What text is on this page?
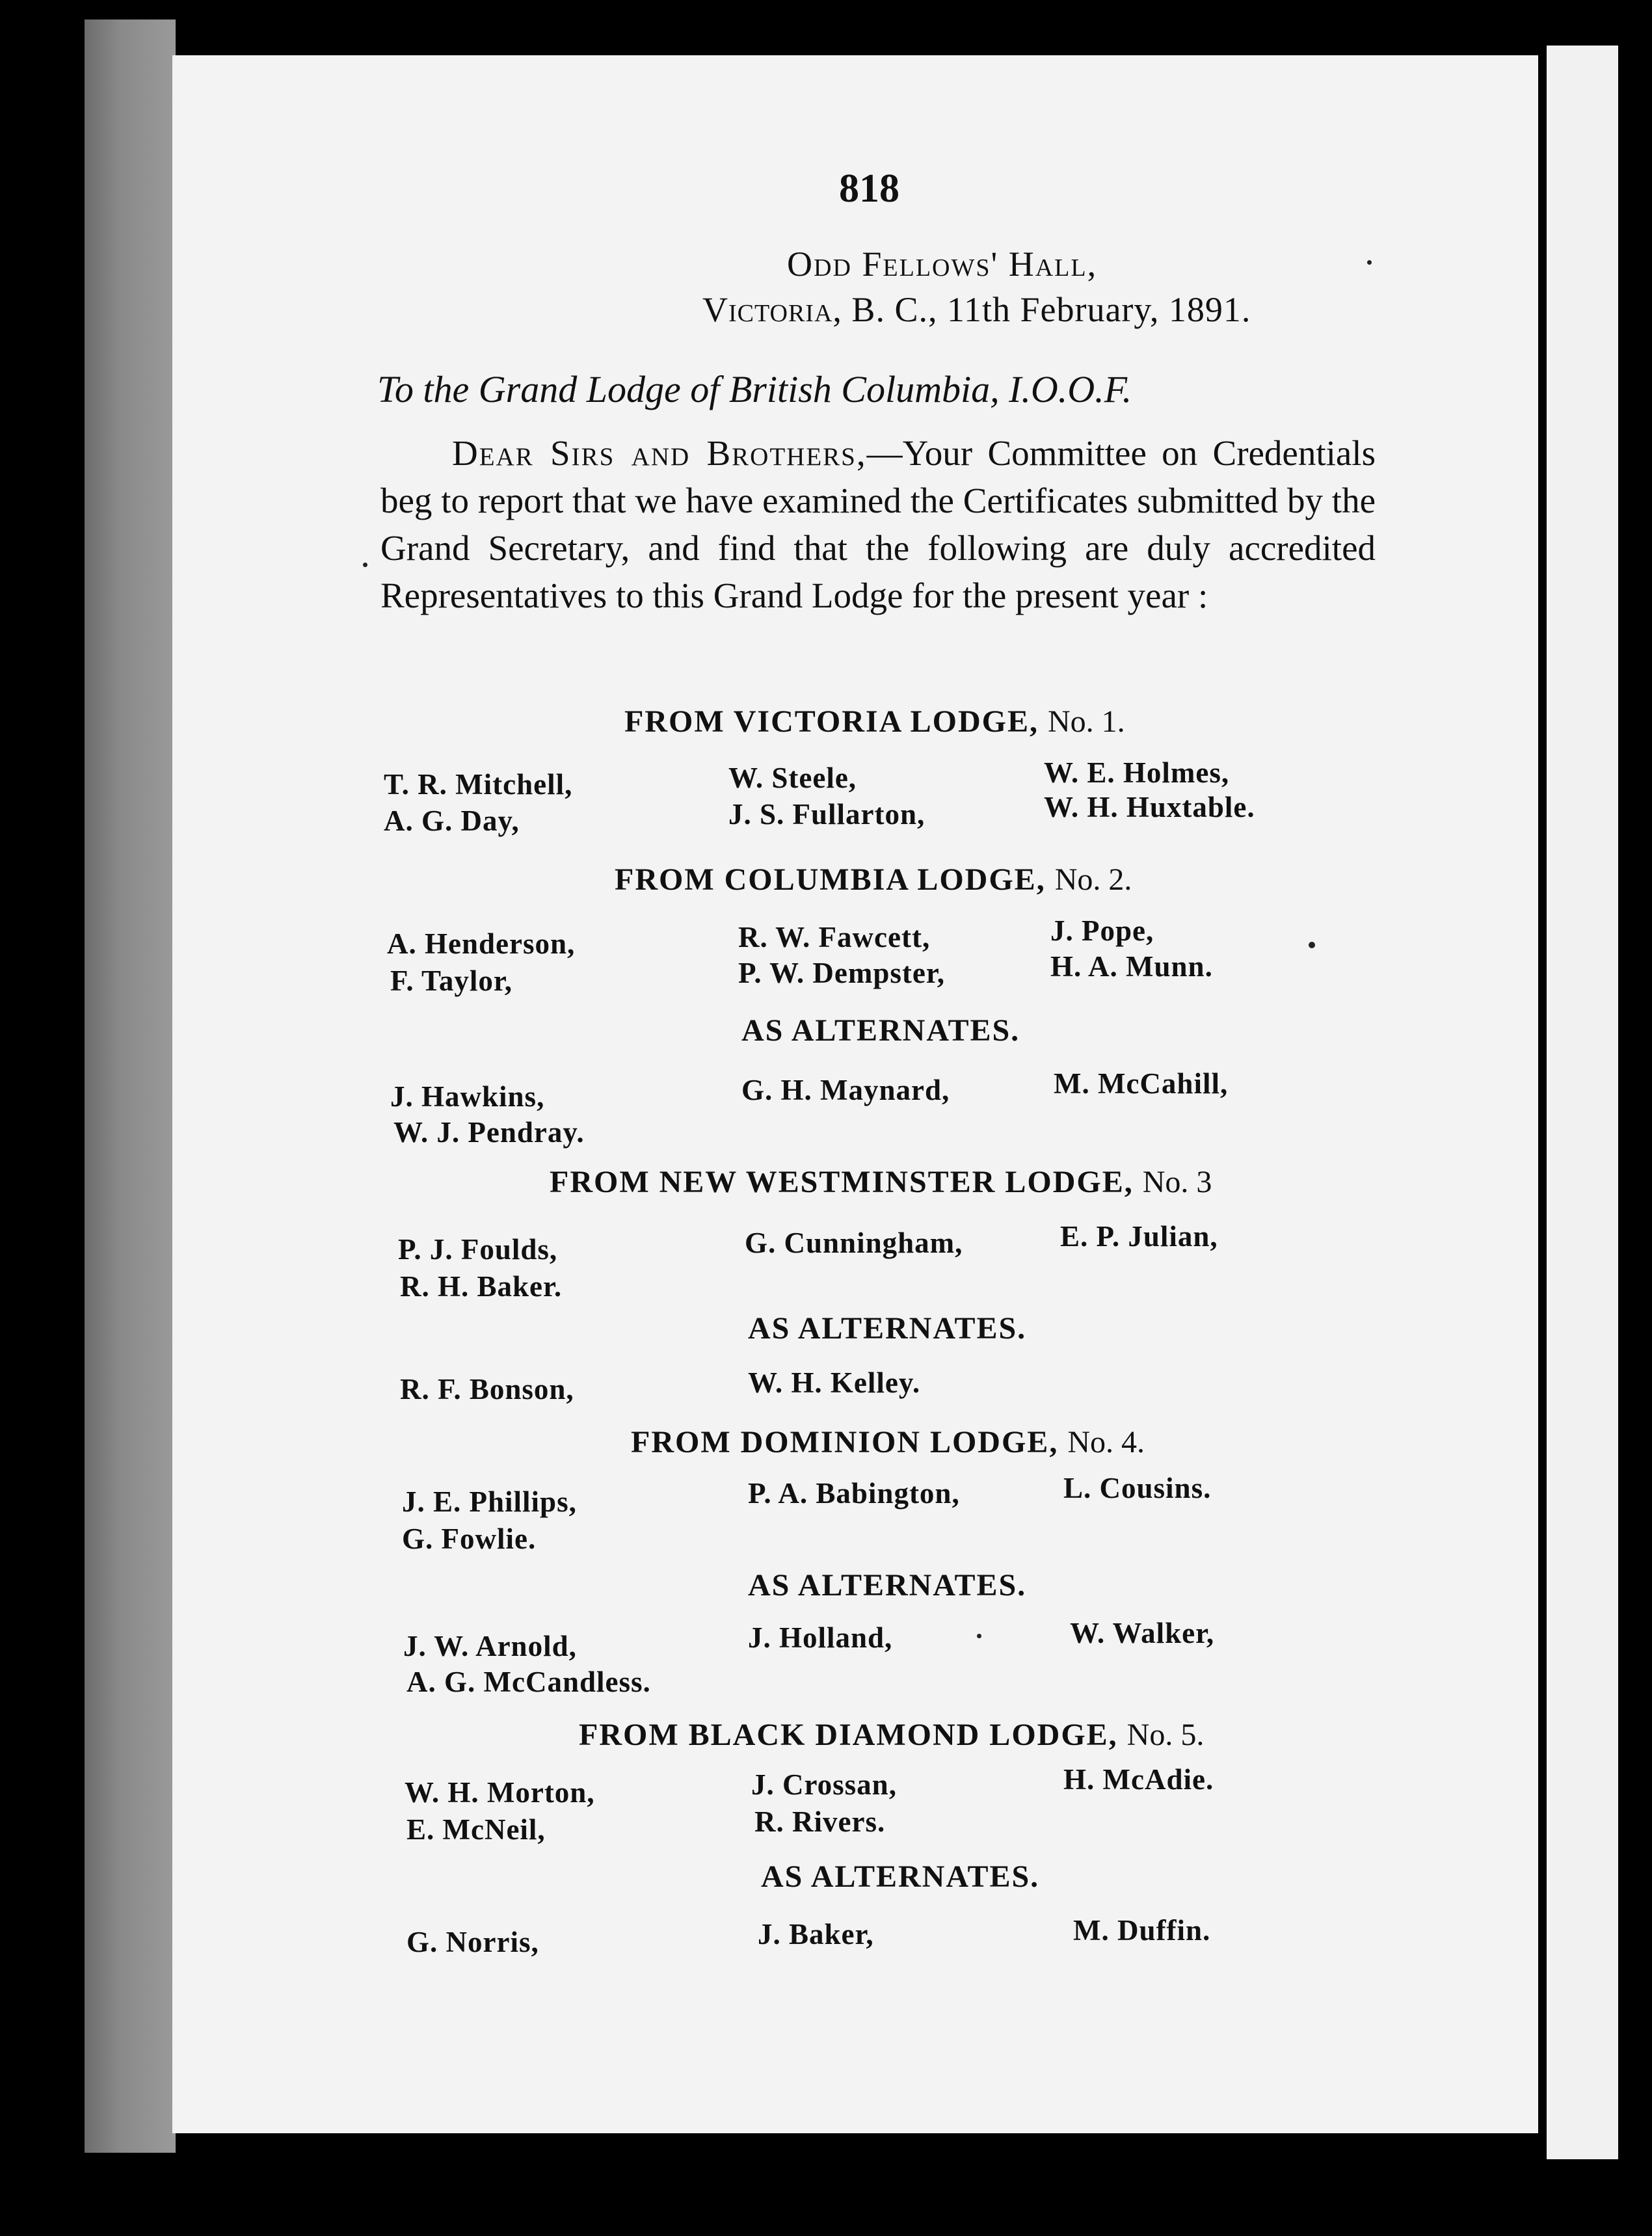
818
Odd Fellows' Hall,
Victoria, B. C., 11th February, 1891.
To the Grand Lodge of British Columbia, I.O.O.F.
Dear Sirs and Brothers,—Your Committee on Credentials beg to report that we have examined the Certificates submitted by the Grand Secretary, and find that the following are duly accredited Representatives to this Grand Lodge for the present year :
FROM VICTORIA LODGE, No. 1.
T. R. Mitchell,	W. Steele,	W. E. Holmes,
A. G. Day,	J. S. Fullarton,	W. H. Huxtable.
FROM COLUMBIA LODGE, No. 2.
A. Henderson,	R. W. Fawcett,	J. Pope,
F. Taylor,	P. W. Dempster,	H. A. Munn.
AS ALTERNATES.
J. Hawkins,	G. H. Maynard,	M. McCahill,
W. J. Pendray.
FROM NEW WESTMINSTER LODGE, No. 3
P. J. Foulds,	G. Cunningham,	E. P. Julian,
R. H. Baker.
AS ALTERNATES.
R. F. Bonson,	W. H. Kelley.
FROM DOMINION LODGE, No. 4.
J. E. Phillips,	P. A. Babington,	L. Cousins.
G. Fowlie.
AS ALTERNATES.
J. W. Arnold,	J. Holland,	W. Walker,
A. G. McCandless.
FROM BLACK DIAMOND LODGE, No. 5.
W. H. Morton,	J. Crossan,	H. McAdie.
E. McNeil,	R. Rivers.
AS ALTERNATES.
G. Norris,	J. Baker,	M. Duffin.
